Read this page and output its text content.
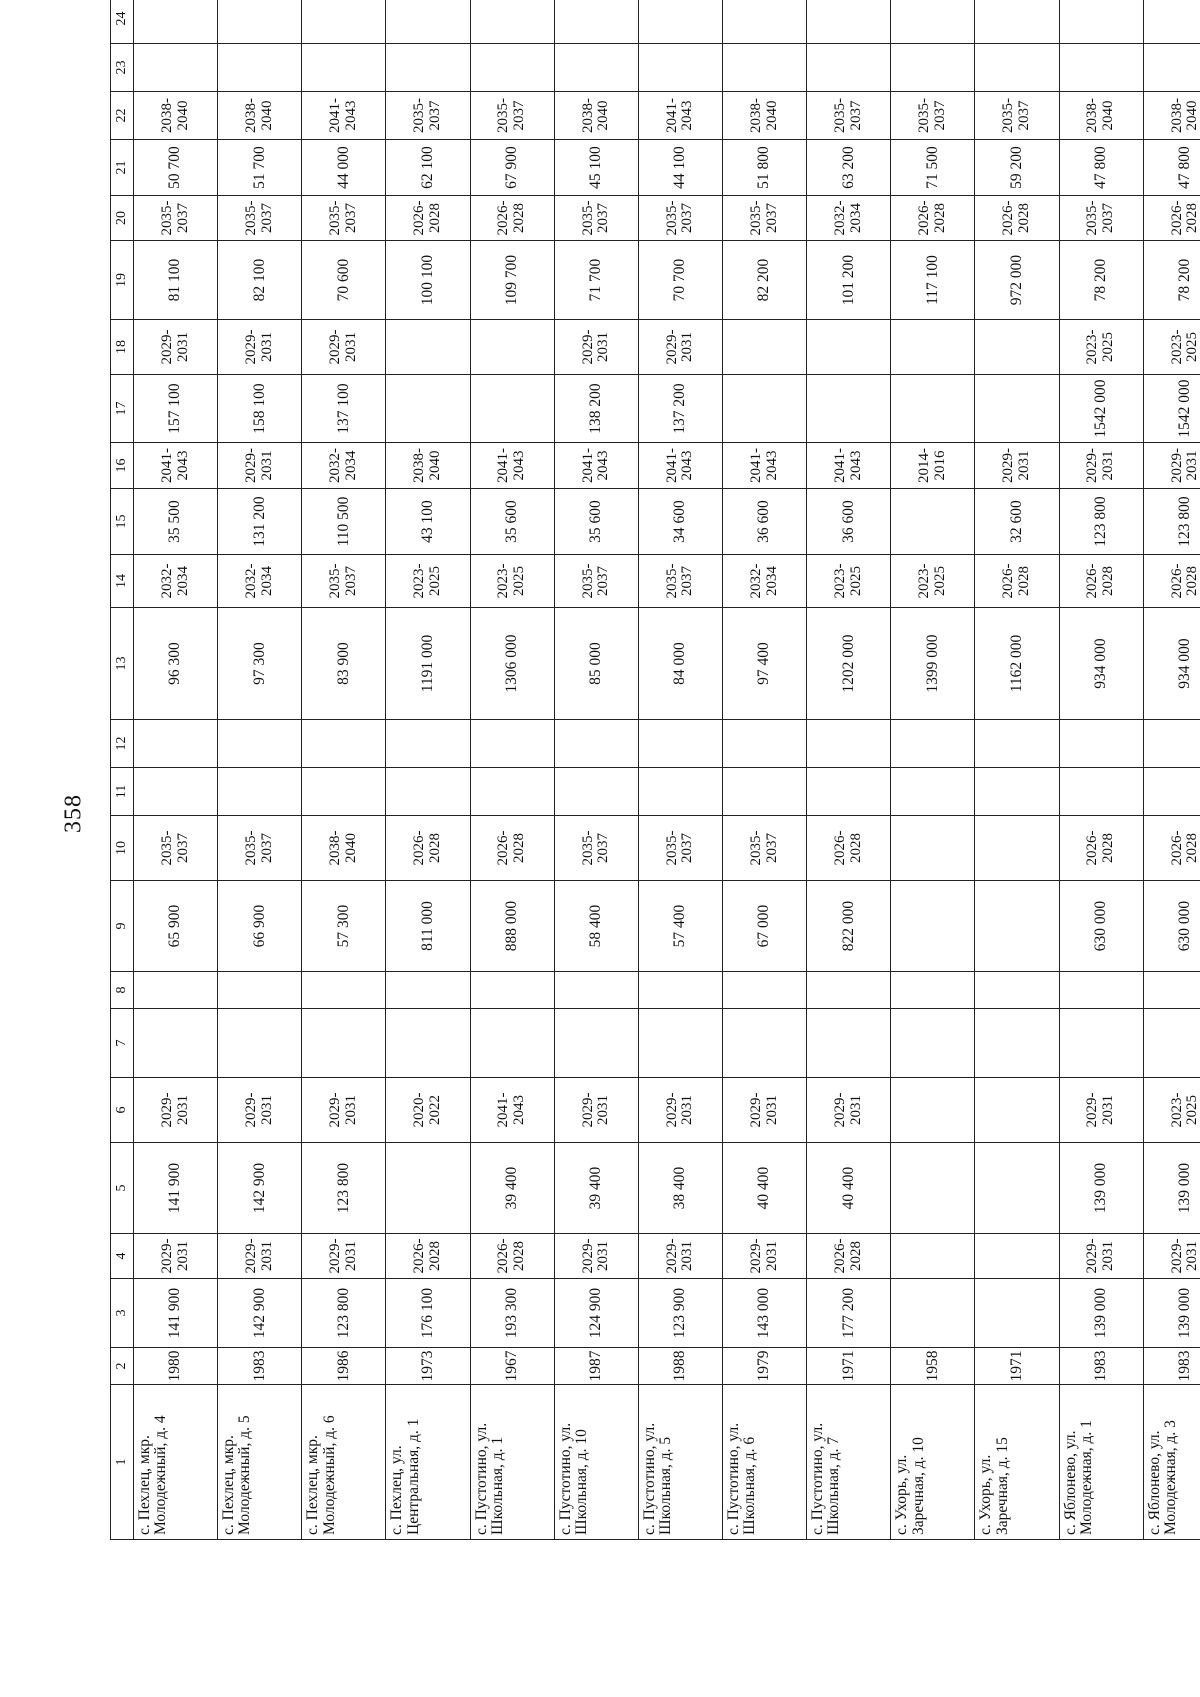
358
1	2	3	4	5	6	7	8	9	10	11	12	13	14	15	16	17	18	19	20	21	22	23	24
с. Пехлец, мкр. Молодежный, д. 4	1980	141 900	2029-2031	141 900	2029-2031			65 900	2035-2037			96 300	2032-2034	35 500	2041-2043	157 100	2029-2031	81 100	2035-2037	50 700	2038-2040		
с. Пехлец, мкр. Молодежный, д. 5	1983	142 900	2029-2031	142 900	2029-2031			66 900	2035-2037			97 300	2032-2034	131 200	2029-2031	158 100	2029-2031	82 100	2035-2037	51 700	2038-2040		
с. Пехлец, мкр. Молодежный, д. 6	1986	123 800	2029-2031	123 800	2029-2031			57 300	2038-2040			83 900	2035-2037	110 500	2032-2034	137 100	2029-2031	70 600	2035-2037	44 000	2041-2043		
с. Пехлец, ул. Центральная, д. 1	1973	176 100	2026-2028		2020-2022			811 000	2026-2028			1191 000	2023-2025	43 100	2038-2040			100 100	2026-2028	62 100	2035-2037		
с. Пустотино, ул. Школьная, д. 1	1967	193 300	2026-2028	39 400	2041-2043			888 000	2026-2028			1306 000	2023-2025	35 600	2041-2043			109 700	2026-2028	67 900	2035-2037		
с. Пустотино, ул. Школьная, д. 10	1987	124 900	2029-2031	39 400	2029-2031			58 400	2035-2037			85 000	2035-2037	35 600	2041-2043	138 200	2029-2031	71 700	2035-2037	45 100	2038-2040		
с. Пустотино, ул. Школьная, д. 5	1988	123 900	2029-2031	38 400	2029-2031			57 400	2035-2037			84 000	2035-2037	34 600	2041-2043	137 200	2029-2031	70 700	2035-2037	44 100	2041-2043		
с. Пустотино, ул. Школьная, д. 6	1979	143 000	2029-2031	40 400	2029-2031			67 000	2035-2037			97 400	2032-2034	36 600	2041-2043			82 200	2035-2037	51 800	2038-2040		
с. Пустотино, ул. Школьная, д. 7	1971	177 200	2026-2028	40 400	2029-2031			822 000	2026-2028			1202 000	2023-2025	36 600	2041-2043			101 200	2032-2034	63 200	2035-2037		
с. Ухорь, ул. Заречная, д. 10	1958											1399 000	2023-2025		2014-2016			117 100	2026-2028	71 500	2035-2037		
с. Ухорь, ул. Заречная, д. 15	1971											1162 000	2026-2028	32 600	2029-2031			972 000	2026-2028	59 200	2035-2037		
с. Яблонево, ул. Молодежная, д. 1	1983	139 000	2029-2031	139 000	2029-2031			630 000	2026-2028			934 000	2026-2028	123 800	2029-2031	1542 000	2023-2025	78 200	2035-2037	47 800	2038-2040		
с. Яблонево, ул. Молодежная, д. 3	1983	139 000	2029-2031	139 000	2023-2025			630 000	2026-2028			934 000	2026-2028	123 800	2029-2031	1542 000	2023-2025	78 200	2026-2028	47 800	2038-2040		
